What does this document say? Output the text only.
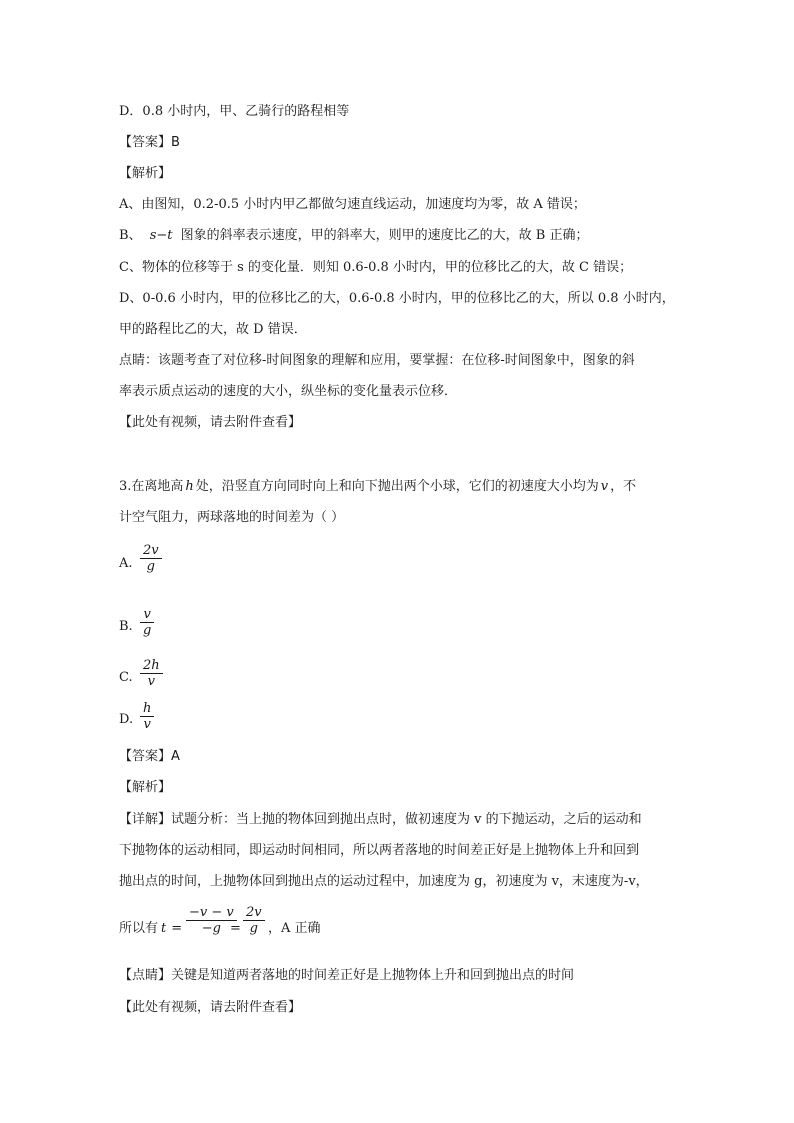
D．0.8 小时内，甲、乙骑行的路程相等
【答案】B
【解析】
A、由图知，0.2-0.5 小时内甲乙都做匀速直线运动，加速度均为零，故 A 错误；
B、 s−t 图象的斜率表示速度，甲的斜率大，则甲的速度比乙的大，故 B 正确；
C、物体的位移等于 s 的变化量．则知 0.6-0.8 小时内，甲的位移比乙的大，故 C 错误；
D、0-0.6 小时内，甲的位移比乙的大，0.6-0.8 小时内，甲的位移比乙的大，所以 0.8 小时内，
甲的路程比乙的大，故 D 错误．
点睛：该题考查了对位移-时间图象的理解和应用，要掌握：在位移-时间图象中，图象的斜
率表示质点运动的速度的大小，纵坐标的变化量表示位移．
【此处有视频，请去附件查看】
3.在离地高 h 处，沿竖直方向同时向上和向下抛出两个小球，它们的初速度大小均为 v ，不
计空气阻力，两球落地的时间差为（ ）
A.
2v
g
B.
v
g
C.
2h
v
D.
h
v
【答案】A
【解析】
【详解】试题分析：当上抛的物体回到抛出点时，做初速度为 v 的下抛运动，之后的运动和
下抛物体的运动相同，即运动时间相同，所以两者落地的时间差正好是上抛物体上升和回到
抛出点的时间，上抛物体回到抛出点的运动过程中，加速度为 g，初速度为 v，末速度为-v，
所以有 t =
−v − v
−g =
2v
g ，A 正确
【点睛】关键是知道两者落地的时间差正好是上抛物体上升和回到抛出点的时间
【此处有视频，请去附件查看】
